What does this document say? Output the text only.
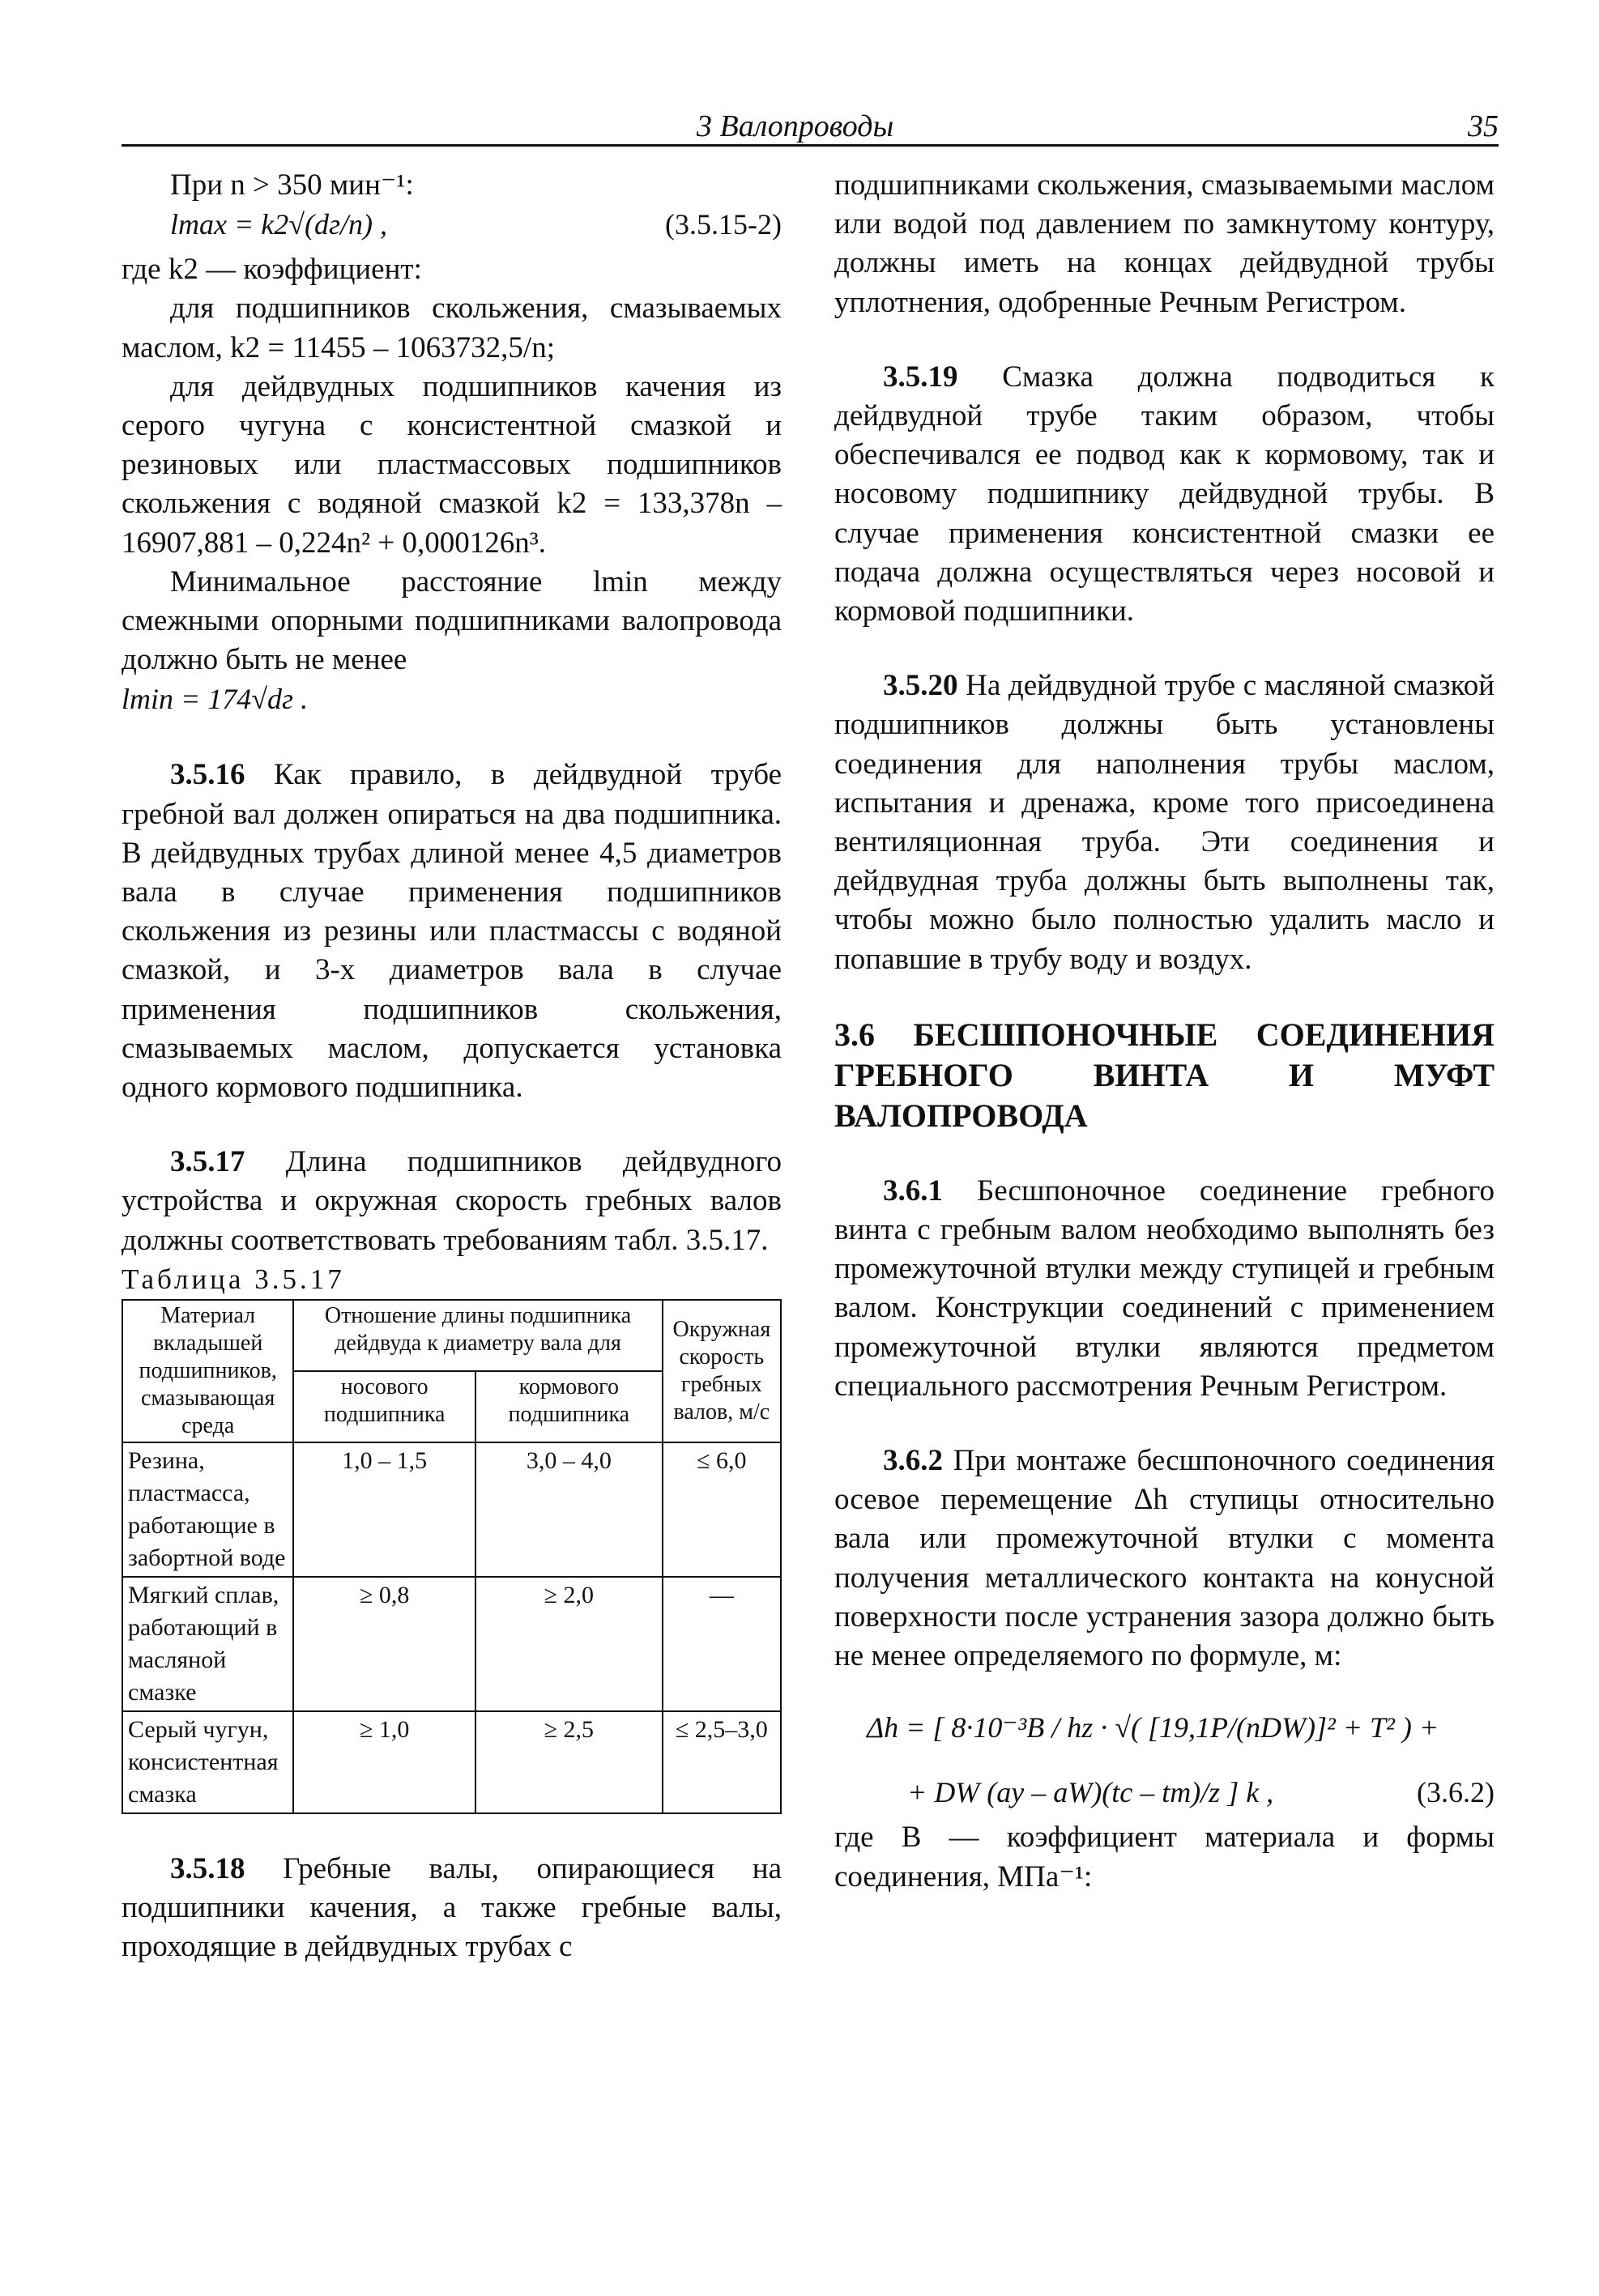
3 Валопроводы	35

При n > 350 мин⁻¹:

lmax = k2√(dг/n) ,	(3.5.15-2)

где k2 — коэффициент:

для подшипников скольжения, смазываемых маслом, k2 = 11455 – 1063732,5/n;

для дейдвудных подшипников качения из серого чугуна с консистентной смазкой и резиновых или пластмассовых подшипников скольжения с водяной смазкой k2 = 133,378n – 16907,881 – 0,224n² + 0,000126n³.

Минимальное расстояние lmin между смежными опорными подшипниками валопровода должно быть не менее

lmin = 174√dг .

3.5.16 Как правило, в дейдвудной трубе гребной вал должен опираться на два подшипника. В дейдвудных трубах длиной менее 4,5 диаметров вала в случае применения подшипников скольжения из резины или пластмассы с водяной смазкой, и 3-х диаметров вала в случае применения подшипников скольжения, смазываемых маслом, допускается установка одного кормового подшипника.

3.5.17 Длина подшипников дейдвудного устройства и окружная скорость гребных валов должны соответствовать требованиям табл. 3.5.17.

Таблица 3.5.17

Материал вкладышей подшипников, смазывающая среда	Отношение длины подшипника дейдвуда к диаметру вала для		Окружная скорость гребных валов, м/с
	носового подшипника	кормового подшипника	
Резина, пластмасса, работающие в забортной воде	1,0 – 1,5	3,0 – 4,0	≤ 6,0
Мягкий сплав, работающий в масляной смазке	≥ 0,8	≥ 2,0	—
Серый чугун, консистентная смазка	≥ 1,0	≥ 2,5	≤ 2,5–3,0

3.5.18 Гребные валы, опирающиеся на подшипники качения, а также гребные валы, проходящие в дейдвудных трубах с

подшипниками скольжения, смазываемыми маслом или водой под давлением по замкнутому контуру, должны иметь на концах дейдвудной трубы уплотнения, одобренные Речным Регистром.

3.5.19 Смазка должна подводиться к дейдвудной трубе таким образом, чтобы обеспечивался ее подвод как к кормовому, так и носовому подшипнику дейдвудной трубы. В случае применения консистентной смазки ее подача должна осуществляться через носовой и кормовой подшипники.

3.5.20 На дейдвудной трубе с масляной смазкой подшипников должны быть установлены соединения для наполнения трубы маслом, испытания и дренажа, кроме того присоединена вентиляционная труба. Эти соединения и дейдвудная труба должны быть выполнены так, чтобы можно было полностью удалить масло и попавшие в трубу воду и воздух.

3.6 БЕСШПОНОЧНЫЕ СОЕДИНЕНИЯ ГРЕБНОГО ВИНТА И МУФТ ВАЛОПРОВОДА

3.6.1 Бесшпоночное соединение гребного винта с гребным валом необходимо выполнять без промежуточной втулки между ступицей и гребным валом. Конструкции соединений с применением промежуточной втулки являются предметом специального рассмотрения Речным Регистром.

3.6.2 При монтаже бесшпоночного соединения осевое перемещение Δh ступицы относительно вала или промежуточной втулки с момента получения металлического контакта на конусной поверхности после устранения зазора должно быть не менее определяемого по формуле, м:

Δh = [ 8·10⁻³B / hz · √( [19,1P/(nDW)]² + T² ) +
+ DW (ay – aW)(tc – tm)/z ] k ,	(3.6.2)

где B — коэффициент материала и формы соединения, МПа⁻¹:
